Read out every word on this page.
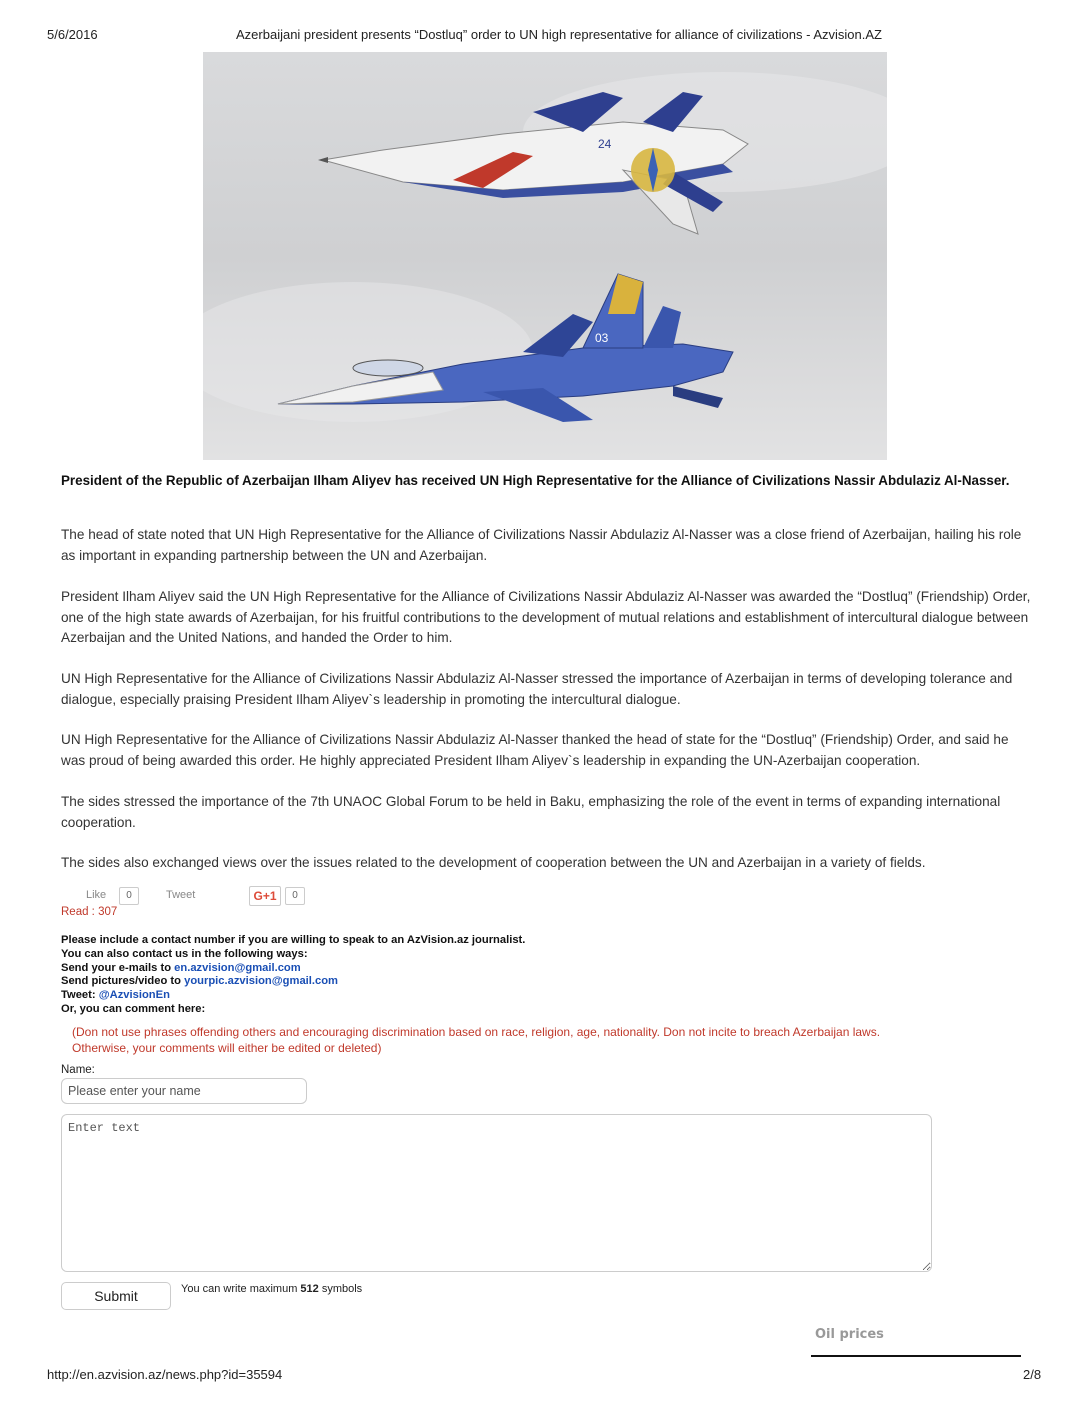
5/6/2016	Azerbaijani president presents “Dostluq” order to UN high representative for alliance of civilizations - Azvision.AZ
24
03
President of the Republic of Azerbaijan Ilham Aliyev has received UN High Representative for the Alliance of Civilizations Nassir Abdulaziz Al-Nasser.
The head of state noted that UN High Representative for the Alliance of Civilizations Nassir Abdulaziz Al-Nasser was a close friend of Azerbaijan, hailing his role as important in expanding partnership between the UN and Azerbaijan.
President Ilham Aliyev said the UN High Representative for the Alliance of Civilizations Nassir Abdulaziz Al-Nasser was awarded the “Dostluq” (Friendship) Order, one of the high state awards of Azerbaijan, for his fruitful contributions to the development of mutual relations and establishment of intercultural dialogue between Azerbaijan and the United Nations, and handed the Order to him.
UN High Representative for the Alliance of Civilizations Nassir Abdulaziz Al-Nasser stressed the importance of Azerbaijan in terms of developing tolerance and dialogue, especially praising President Ilham Aliyev`s leadership in promoting the intercultural dialogue.
UN High Representative for the Alliance of Civilizations Nassir Abdulaziz Al-Nasser thanked the head of state for the “Dostluq” (Friendship) Order, and said he was proud of being awarded this order. He highly appreciated President Ilham Aliyev`s leadership in expanding the UN-Azerbaijan cooperation.
The sides stressed the importance of the 7th UNAOC Global Forum to be held in Baku, emphasizing the role of the event in terms of expanding international cooperation.
The sides also exchanged views over the issues related to the development of cooperation between the UN and Azerbaijan in a variety of fields.
Like	0	Tweet	G+1	0
Read : 307
Please include a contact number if you are willing to speak to an AzVision.az journalist.
You can also contact us in the following ways:
Send your e-mails to en.azvision@gmail.com
Send pictures/video to yourpic.azvision@gmail.com
Tweet: @AzvisionEn
Or, you can comment here:
(Don not use phrases offending others and encouraging discrimination based on race, religion, age, nationality. Don not incite to breach Azerbaijan laws. Otherwise, your comments will either be edited or deleted)
Name:
Please enter your name
Enter text
Submit	You can write maximum 512 symbols
Oil prices
http://en.azvision.az/news.php?id=35594	2/8
